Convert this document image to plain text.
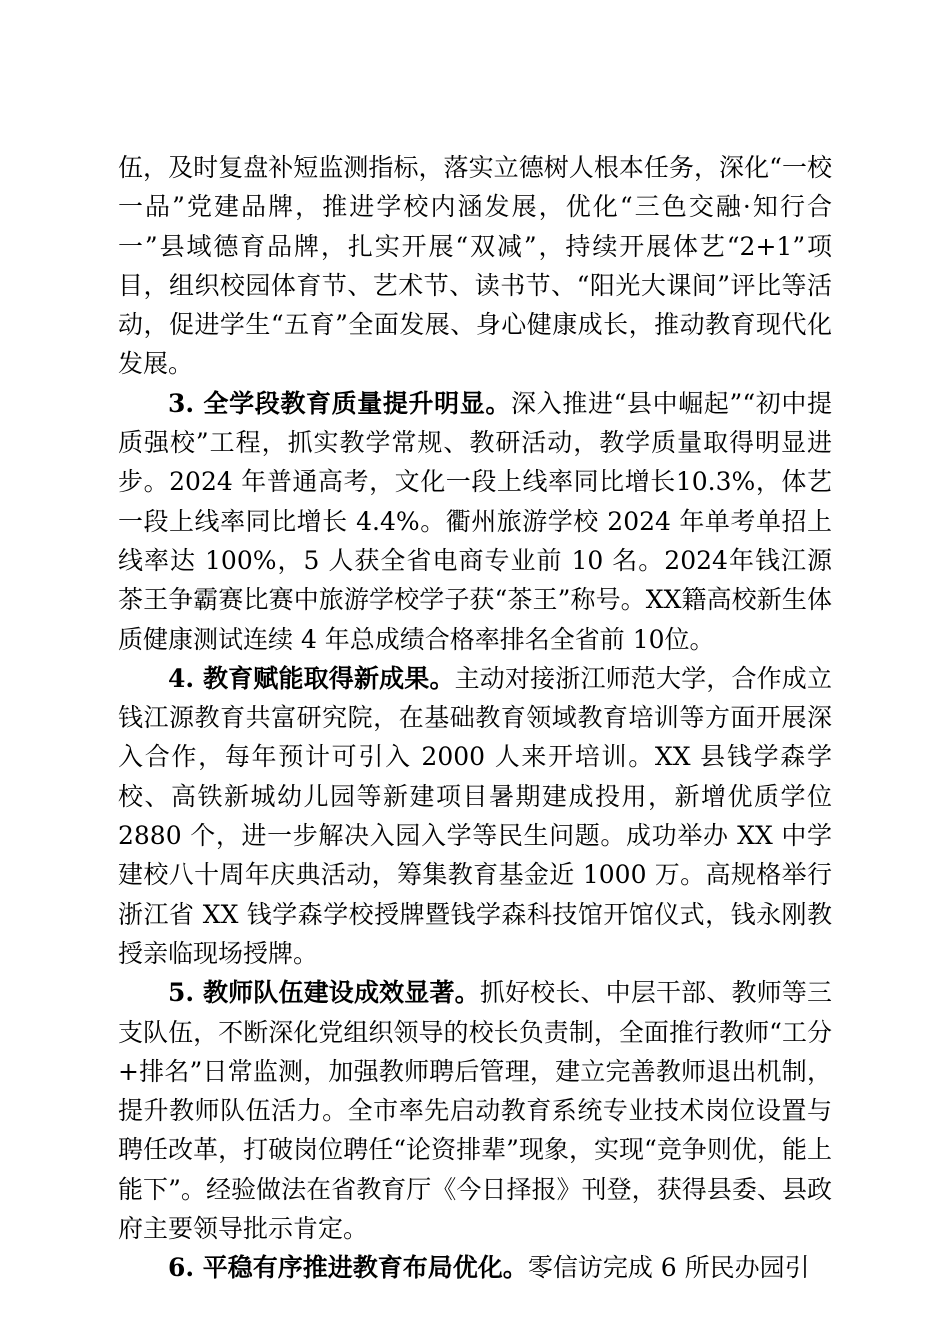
伍，及时复盘补短监测指标，落实立德树人根本任务，深化“一校一品”党建品牌，推进学校内涵发展，优化“三色交融·知行合一”县域德育品牌，扎实开展“双减”，持续开展体艺“2+1”项目，组织校园体育节、艺术节、读书节、“阳光大课间”评比等活动，促进学生“五育”全面发展、身心健康成长，推动教育现代化发展。

3. 全学段教育质量提升明显。深入推进“县中崛起”“初中提质强校”工程，抓实教学常规、教研活动，教学质量取得明显进步。2024 年普通高考，文化一段上线率同比增长10.3%，体艺一段上线率同比增长 4.4%。衢州旅游学校 2024 年单考单招上线率达 100%，5 人获全省电商专业前 10 名。2024年钱江源茶王争霸赛比赛中旅游学校学子获“茶王”称号。XX籍高校新生体质健康测试连续 4 年总成绩合格率排名全省前 10位。

4. 教育赋能取得新成果。主动对接浙江师范大学，合作成立钱江源教育共富研究院，在基础教育领域教育培训等方面开展深入合作，每年预计可引入 2000 人来开培训。XX 县钱学森学校、高铁新城幼儿园等新建项目暑期建成投用，新增优质学位 2880 个，进一步解决入园入学等民生问题。成功举办 XX 中学建校八十周年庆典活动，筹集教育基金近 1000 万。高规格举行浙江省 XX 钱学森学校授牌暨钱学森科技馆开馆仪式，钱永刚教授亲临现场授牌。

5. 教师队伍建设成效显著。抓好校长、中层干部、教师等三支队伍，不断深化党组织领导的校长负责制，全面推行教师“工分+排名”日常监测，加强教师聘后管理，建立完善教师退出机制，提升教师队伍活力。全市率先启动教育系统专业技术岗位设置与聘任改革，打破岗位聘任“论资排辈”现象，实现“竞争则优，能上能下”。经验做法在省教育厅《今日择报》刊登，获得县委、县政府主要领导批示肯定。

6. 平稳有序推进教育布局优化。零信访完成 6 所民办园引
